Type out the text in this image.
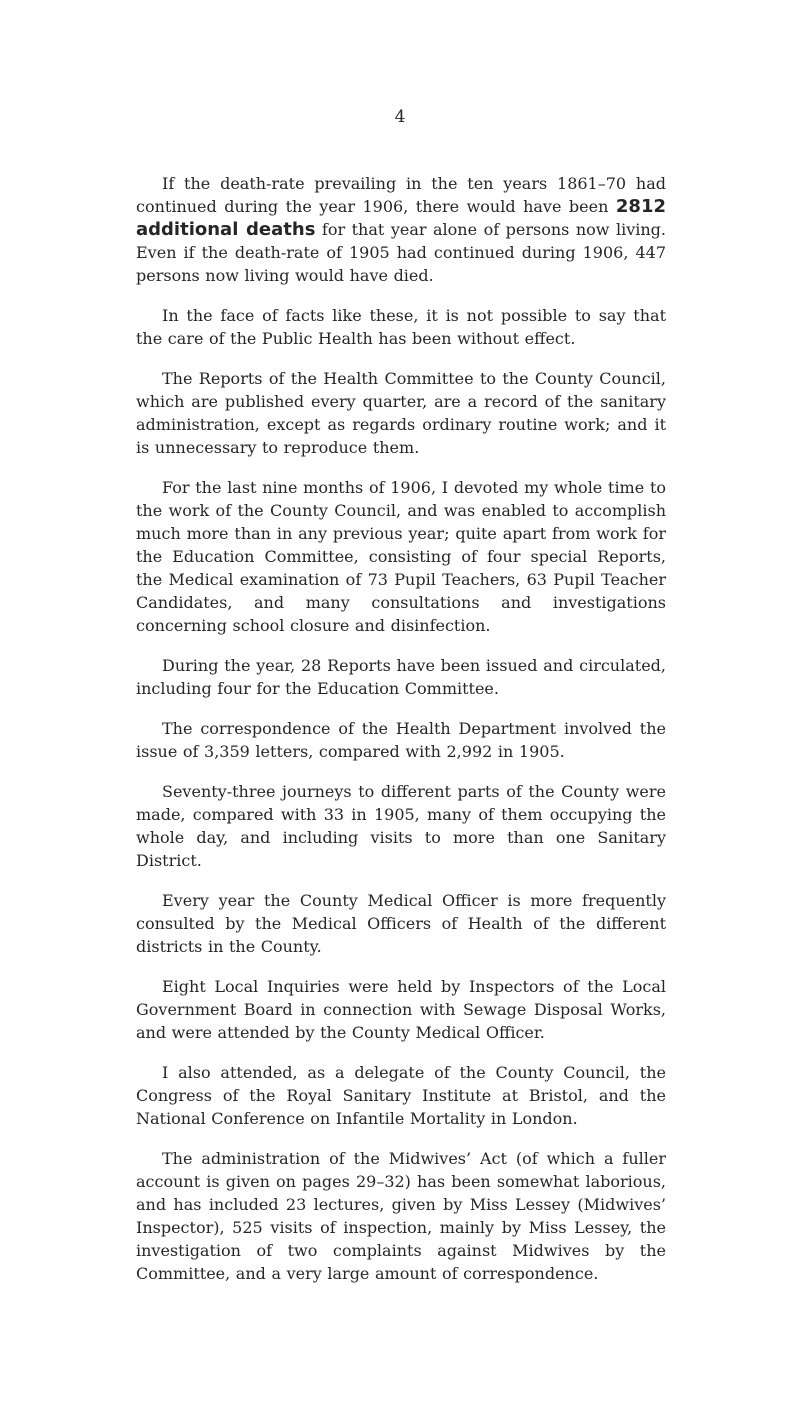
4

If the death-rate prevailing in the ten years 1861–70 had continued during the year 1906, there would have been 2812 additional deaths for that year alone of persons now living. Even if the death-rate of 1905 had continued during 1906, 447 persons now living would have died.

In the face of facts like these, it is not possible to say that the care of the Public Health has been without effect.

The Reports of the Health Committee to the County Council, which are published every quarter, are a record of the sanitary administration, except as regards ordinary routine work; and it is unnecessary to reproduce them.

For the last nine months of 1906, I devoted my whole time to the work of the County Council, and was enabled to accomplish much more than in any previous year; quite apart from work for the Education Committee, consisting of four special Reports, the Medical examination of 73 Pupil Teachers, 63 Pupil Teacher Candidates, and many consultations and investigations concerning school closure and disinfection.

During the year, 28 Reports have been issued and circulated, including four for the Education Committee.

The correspondence of the Health Department involved the issue of 3,359 letters, compared with 2,992 in 1905.

Seventy-three journeys to different parts of the County were made, compared with 33 in 1905, many of them occupying the whole day, and including visits to more than one Sanitary District.

Every year the County Medical Officer is more frequently consulted by the Medical Officers of Health of the different districts in the County.

Eight Local Inquiries were held by Inspectors of the Local Government Board in connection with Sewage Disposal Works, and were attended by the County Medical Officer.

I also attended, as a delegate of the County Council, the Congress of the Royal Sanitary Institute at Bristol, and the National Conference on Infantile Mortality in London.

The administration of the Midwives’ Act (of which a fuller account is given on pages 29–32) has been somewhat laborious, and has included 23 lectures, given by Miss Lessey (Midwives’ Inspector), 525 visits of inspection, mainly by Miss Lessey, the investigation of two complaints against Midwives by the Committee, and a very large amount of correspondence.
